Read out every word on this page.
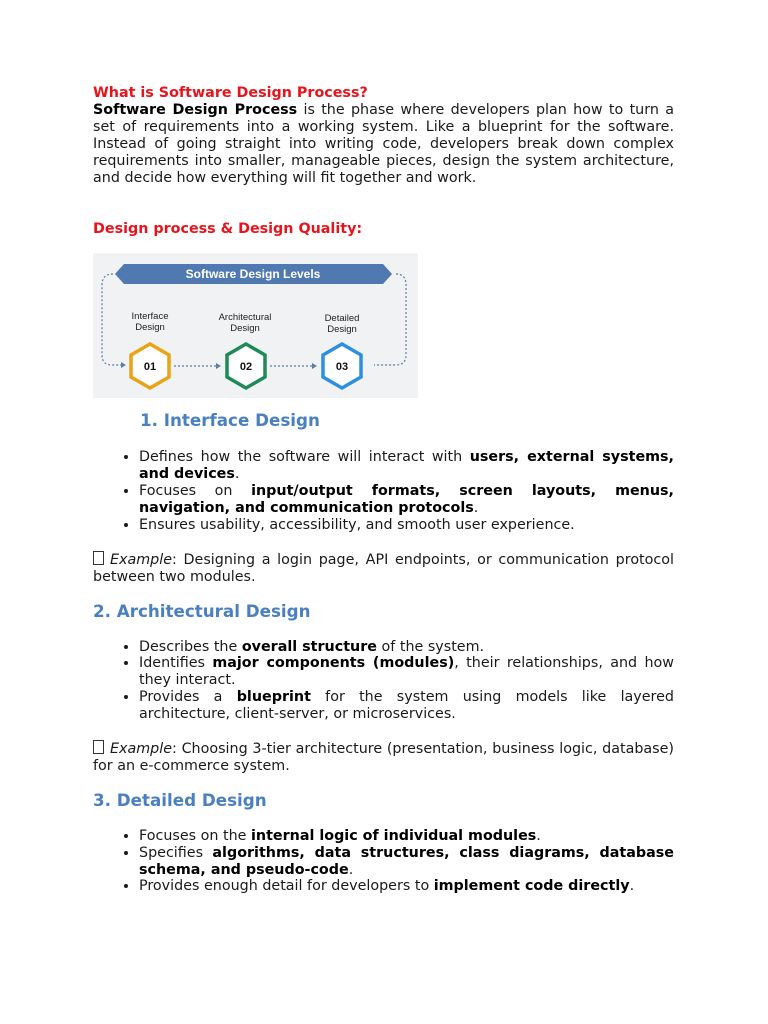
What is Software Design Process?

Software Design Process is the phase where developers plan how to turn a set of requirements into a working system. Like a blueprint for the software. Instead of going straight into writing code, developers break down complex requirements into smaller, manageable pieces, design the system architecture, and decide how everything will fit together and work.

Design process & Design Quality:
Software Design Levels
Interface
Design
Architectural
Design
Detailed
Design
01	02	03
1. Interface Design
• Defines how the software will interact with users, external systems, and devices.
• Focuses on input/output formats, screen layouts, menus, navigation, and communication protocols.
• Ensures usability, accessibility, and smooth user experience.

Example: Designing a login page, API endpoints, or communication protocol between two modules.

2. Architectural Design
• Describes the overall structure of the system.
• Identifies major components (modules), their relationships, and how they interact.
• Provides a blueprint for the system using models like layered architecture, client-server, or microservices.

Example: Choosing 3-tier architecture (presentation, business logic, database) for an e-commerce system.

3. Detailed Design
• Focuses on the internal logic of individual modules.
• Specifies algorithms, data structures, class diagrams, database schema, and pseudo-code.
• Provides enough detail for developers to implement code directly.
